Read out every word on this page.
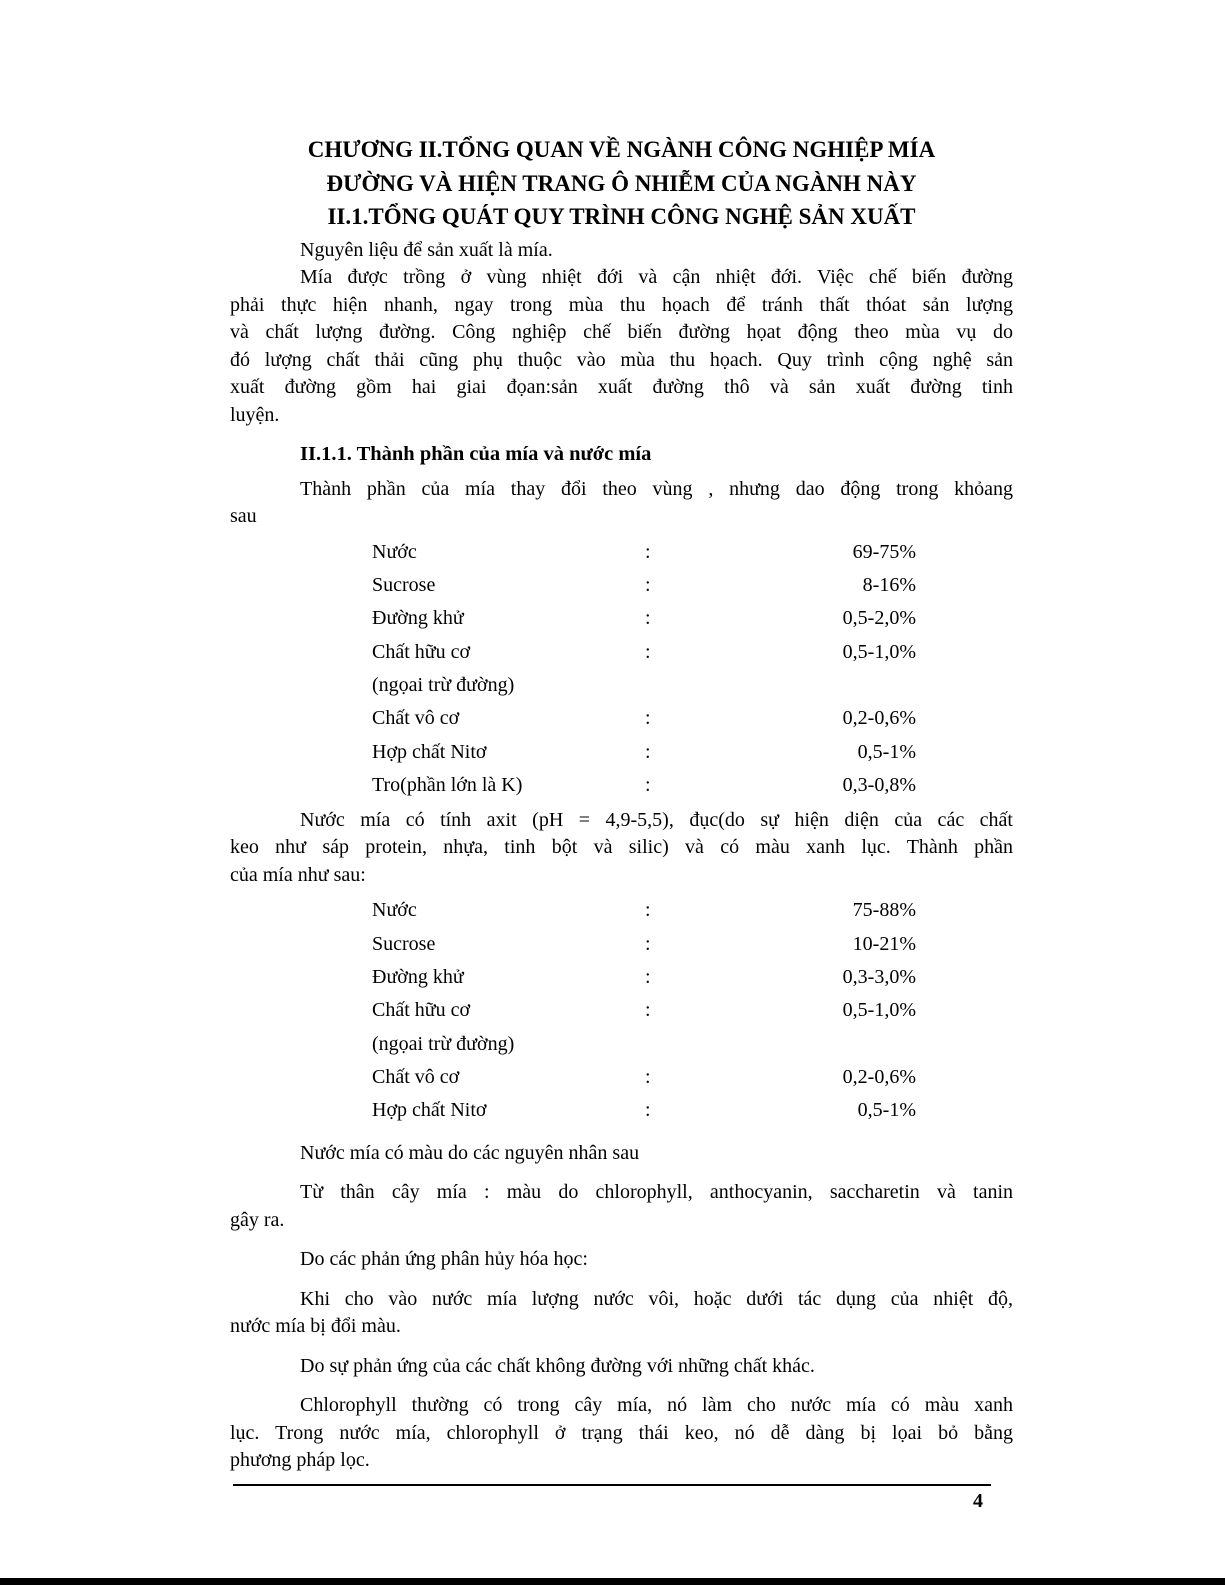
CHƯƠNG II.TỔNG QUAN VỀ NGÀNH CÔNG NGHIỆP MÍA
ĐƯỜNG VÀ HIỆN TRANG Ô NHIỄM CỦA NGÀNH NÀY
II.1.TỔNG QUÁT QUY TRÌNH CÔNG NGHỆ SẢN XUẤT
Nguyên liệu để sản xuất là mía.
Mía được trồng ở vùng nhiệt đới và cận nhiệt đới. Việc chế biến đường
phải thực hiện nhanh, ngay trong mùa thu họach để tránh thất thóat sản lượng
và chất lượng đường. Công nghiệp chế biến đường họat động theo mùa vụ do
đó lượng chất thải cũng phụ thuộc vào mùa thu họach. Quy trình cộng nghệ sản
xuất đường gồm hai giai đọan:sản xuất đường thô và sản xuất đường tinh
luyện.
II.1.1. Thành phần của mía và nước mía
Thành phần của mía thay đổi theo vùng , nhưng dao động trong khỏang
sau
Nước	:	69-75%
Sucrose	:	8-16%
Đường khử	:	0,5-2,0%
Chất hữu cơ	:	0,5-1,0%
(ngọai trừ đường)
Chất vô cơ	:	0,2-0,6%
Hợp chất Nitơ	:	0,5-1%
Tro(phần lớn là K)	:	0,3-0,8%
Nước mía có tính axit (pH = 4,9-5,5), đục(do sự hiện diện của các chất
keo như sáp protein, nhựa, tinh bột và silic) và có màu xanh lục. Thành phần
của mía như sau:
Nước	:	75-88%
Sucrose	:	10-21%
Đường khử	:	0,3-3,0%
Chất hữu cơ	:	0,5-1,0%
(ngọai trừ đường)
Chất vô cơ	:	0,2-0,6%
Hợp chất Nitơ	:	0,5-1%
Nước mía có màu do các nguyên nhân sau
Từ thân cây mía : màu do chlorophyll, anthocyanin, saccharetin và tanin
gây ra.
Do các phản ứng phân hủy hóa học:
Khi cho vào nước mía lượng nước vôi, hoặc dưới tác dụng của nhiệt độ,
nước mía bị đổi màu.
Do sự phản ứng của các chất không đường với những chất khác.
Chlorophyll thường có trong cây mía, nó làm cho nước mía có màu xanh
lục. Trong nước mía, chlorophyll ở trạng thái keo, nó dễ dàng bị lọai bỏ bằng
phương pháp lọc.
4
